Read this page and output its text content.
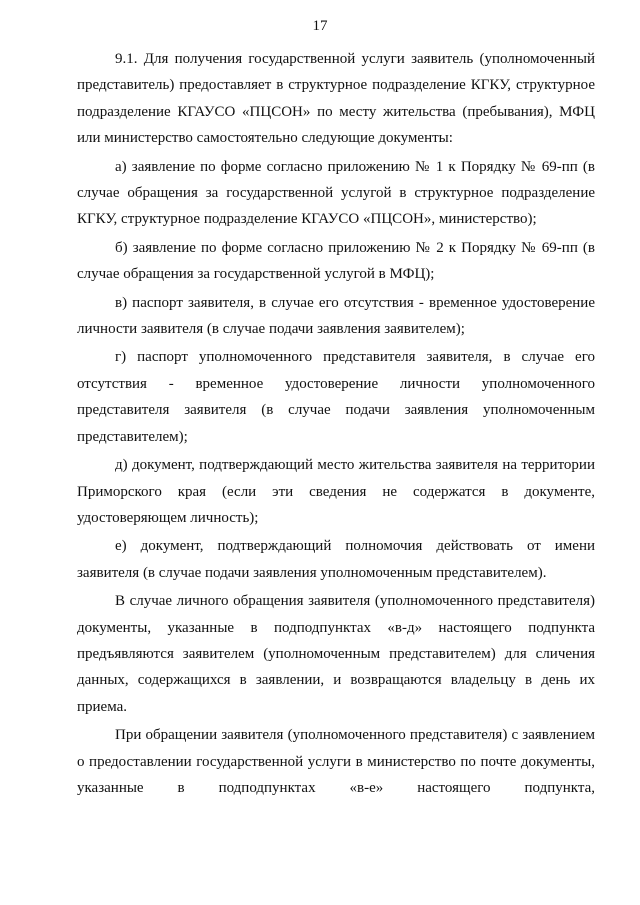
17

9.1. Для получения государственной услуги заявитель (уполномоченный представитель) предоставляет в структурное подразделение КГКУ, структурное подразделение КГАУСО «ПЦСОН» по месту жительства (пребывания), МФЦ или министерство самостоятельно следующие документы:

а) заявление по форме согласно приложению № 1 к Порядку № 69-пп (в случае обращения за государственной услугой в структурное подразделение КГКУ, структурное подразделение КГАУСО «ПЦСОН», министерство);

б) заявление по форме согласно приложению № 2 к Порядку № 69-пп (в случае обращения за государственной услугой в МФЦ);

в) паспорт заявителя, в случае его отсутствия - временное удостоверение личности заявителя (в случае подачи заявления заявителем);

г) паспорт уполномоченного представителя заявителя, в случае его отсутствия - временное удостоверение личности уполномоченного представителя заявителя (в случае подачи заявления уполномоченным представителем);

д) документ, подтверждающий место жительства заявителя на территории Приморского края (если эти сведения не содержатся в документе, удостоверяющем личность);

е) документ, подтверждающий полномочия действовать от имени заявителя (в случае подачи заявления уполномоченным представителем).

В случае личного обращения заявителя (уполномоченного представителя) документы, указанные в подподпунктах «в-д» настоящего подпункта предъявляются заявителем (уполномоченным представителем) для сличения данных, содержащихся в заявлении, и возвращаются владельцу в день их приема.

При обращении заявителя (уполномоченного представителя) с заявлением о предоставлении государственной услуги в министерство по почте документы, указанные в подподпунктах «в-е» настоящего подпункта,
